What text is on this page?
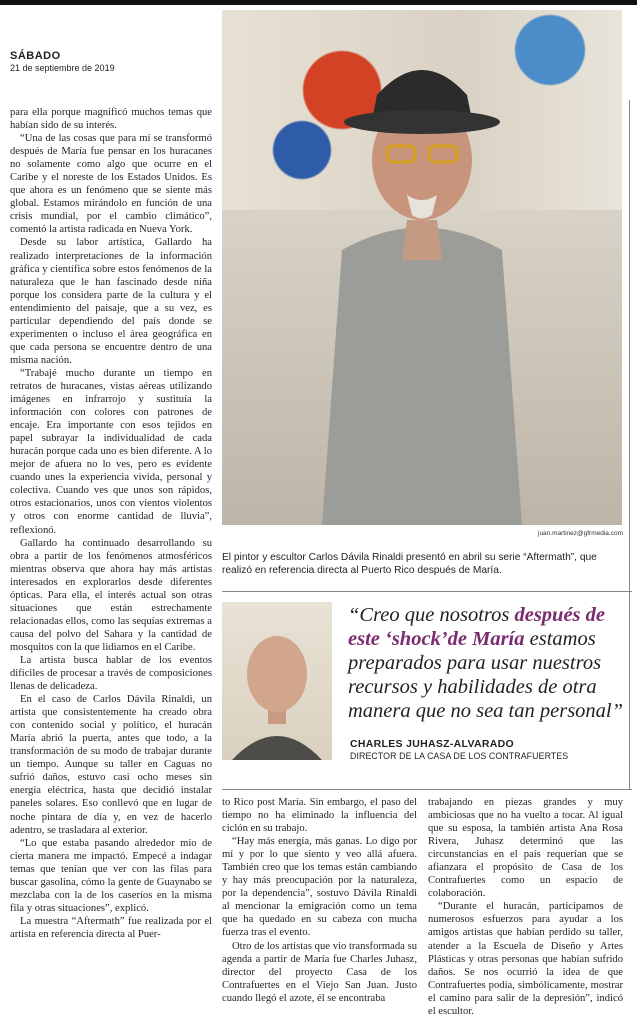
SÁBADO
21 de septiembre de 2019

para ella porque magnificó muchos temas que habían sido de su interés.

“Una de las cosas que para mí se transformó después de María fue pensar en los huracanes no solamente como algo que ocurre en el Caribe y el noreste de los Estados Unidos. Es que ahora es un fenómeno que se siente más global. Estamos mirándolo en función de una crisis mundial, por el cambio climático”, comentó la artista radicada en Nueva York.

Desde su labor artística, Gallardo ha realizado interpretaciones de la información gráfica y científica sobre estos fenómenos de la naturaleza que le han fascinado desde niña porque los considera parte de la cultura y el entendimiento del paisaje, que a su vez, es particular dependiendo del país donde se experimenten o incluso el área geográfica en que cada persona se encuentre dentro de una misma nación.

“Trabajé mucho durante un tiempo en retratos de huracanes, vistas aéreas utilizando imágenes en infrarrojo y sustituía la información con colores con patrones de encaje. Era importante con esos tejidos en papel subrayar la individualidad de cada huracán porque cada uno es bien diferente. A lo mejor de afuera no lo ves, pero es evidente cuando unes la experiencia vivida, personal y colectiva. Cuando ves que unos son rápidos, otros estacionarios, unos con vientos violentos y otros con enorme cantidad de lluvia”, reflexionó.

Gallardo ha continuado desarrollando su obra a partir de los fenómenos atmosféricos mientras observa que ahora hay más artistas interesados en explorarlos desde diferentes ópticas. Para ella, el interés actual son otras situaciones que están estrechamente relacionadas ellos, como las sequías extremas a causa del polvo del Sahara y la cantidad de mosquitos con la que lidiamos en el Caribe.

La artista busca hablar de los eventos difíciles de procesar a través de composiciones llenas de delicadeza.

En el caso de Carlos Dávila Rinaldi, un artista que consistentemente ha creado obra con contenido social y político, el huracán María abrió la puerta, antes que todo, a la transformación de su modo de trabajar durante un tiempo. Aunque su taller en Caguas no sufrió daños, estuvo casi ocho meses sin energía eléctrica, hasta que decidió instalar paneles solares. Eso conllevó que en lugar de noche pintara de día y, en vez de hacerlo adentro, se trasladara al exterior.

“Lo que estaba pasando alrededor mío de cierta manera me impactó. Empecé a indagar temas que tenían que ver con las filas para buscar gasolina, cómo la gente de Guaynabo se mezclaba con la de los caseríos en la misma fila y otras situaciones”, explicó.

La muestra “Aftermath” fue realizada por el artista en referencia directa al Puer-

juan.martinez@gfrmedia.com
El pintor y escultor Carlos Dávila Rinaldi presentó en abril su serie “Aftermath”, que realizó en referencia directa al Puerto Rico después de María.
“Creo que nosotros después de este ‘shock’de María estamos preparados para usar nuestros recursos y habilidades de otra manera que no sea tan personal”
CHARLES JUHASZ-ALVARADO
DIRECTOR DE LA CASA DE LOS CONTRAFUERTES

to Rico post María. Sin embargo, el paso del tiempo no ha eliminado la influencia del ciclón en su trabajo.

“Hay más energía, más ganas. Lo digo por mí y por lo que siento y veo allá afuera. También creo que los temas están cambiando y hay más preocupación por la naturaleza, por la dependencia”, sostuvo Dávila Rinaldi al mencionar la emigración como un tema que ha quedado en su cabeza con mucha fuerza tras el evento.

Otro de los artistas que vio transformada su agenda a partir de María fue Charles Juhasz, director del proyecto Casa de los Contrafuertes en el Viejo San Juan. Justo cuando llegó el azote, él se encontraba

trabajando en piezas grandes y muy ambiciosas que no ha vuelto a tocar. Al igual que su esposa, la también artista Ana Rosa Rivera, Juhasz determinó que las circunstancias en el país requerían que se afianzara el propósito de Casa de los Contrafuertes como un espacio de colaboración.

“Durante el huracán, participamos de numerosos esfuerzos para ayudar a los amigos artistas que habían perdido su taller, atender a la Escuela de Diseño y Artes Plásticas y otras personas que habían sufrido daños. Se nos ocurrió la idea de que Contrafuertes podía, simbólicamente, mostrar el camino para salir de la depresión”, indicó el escultor.
